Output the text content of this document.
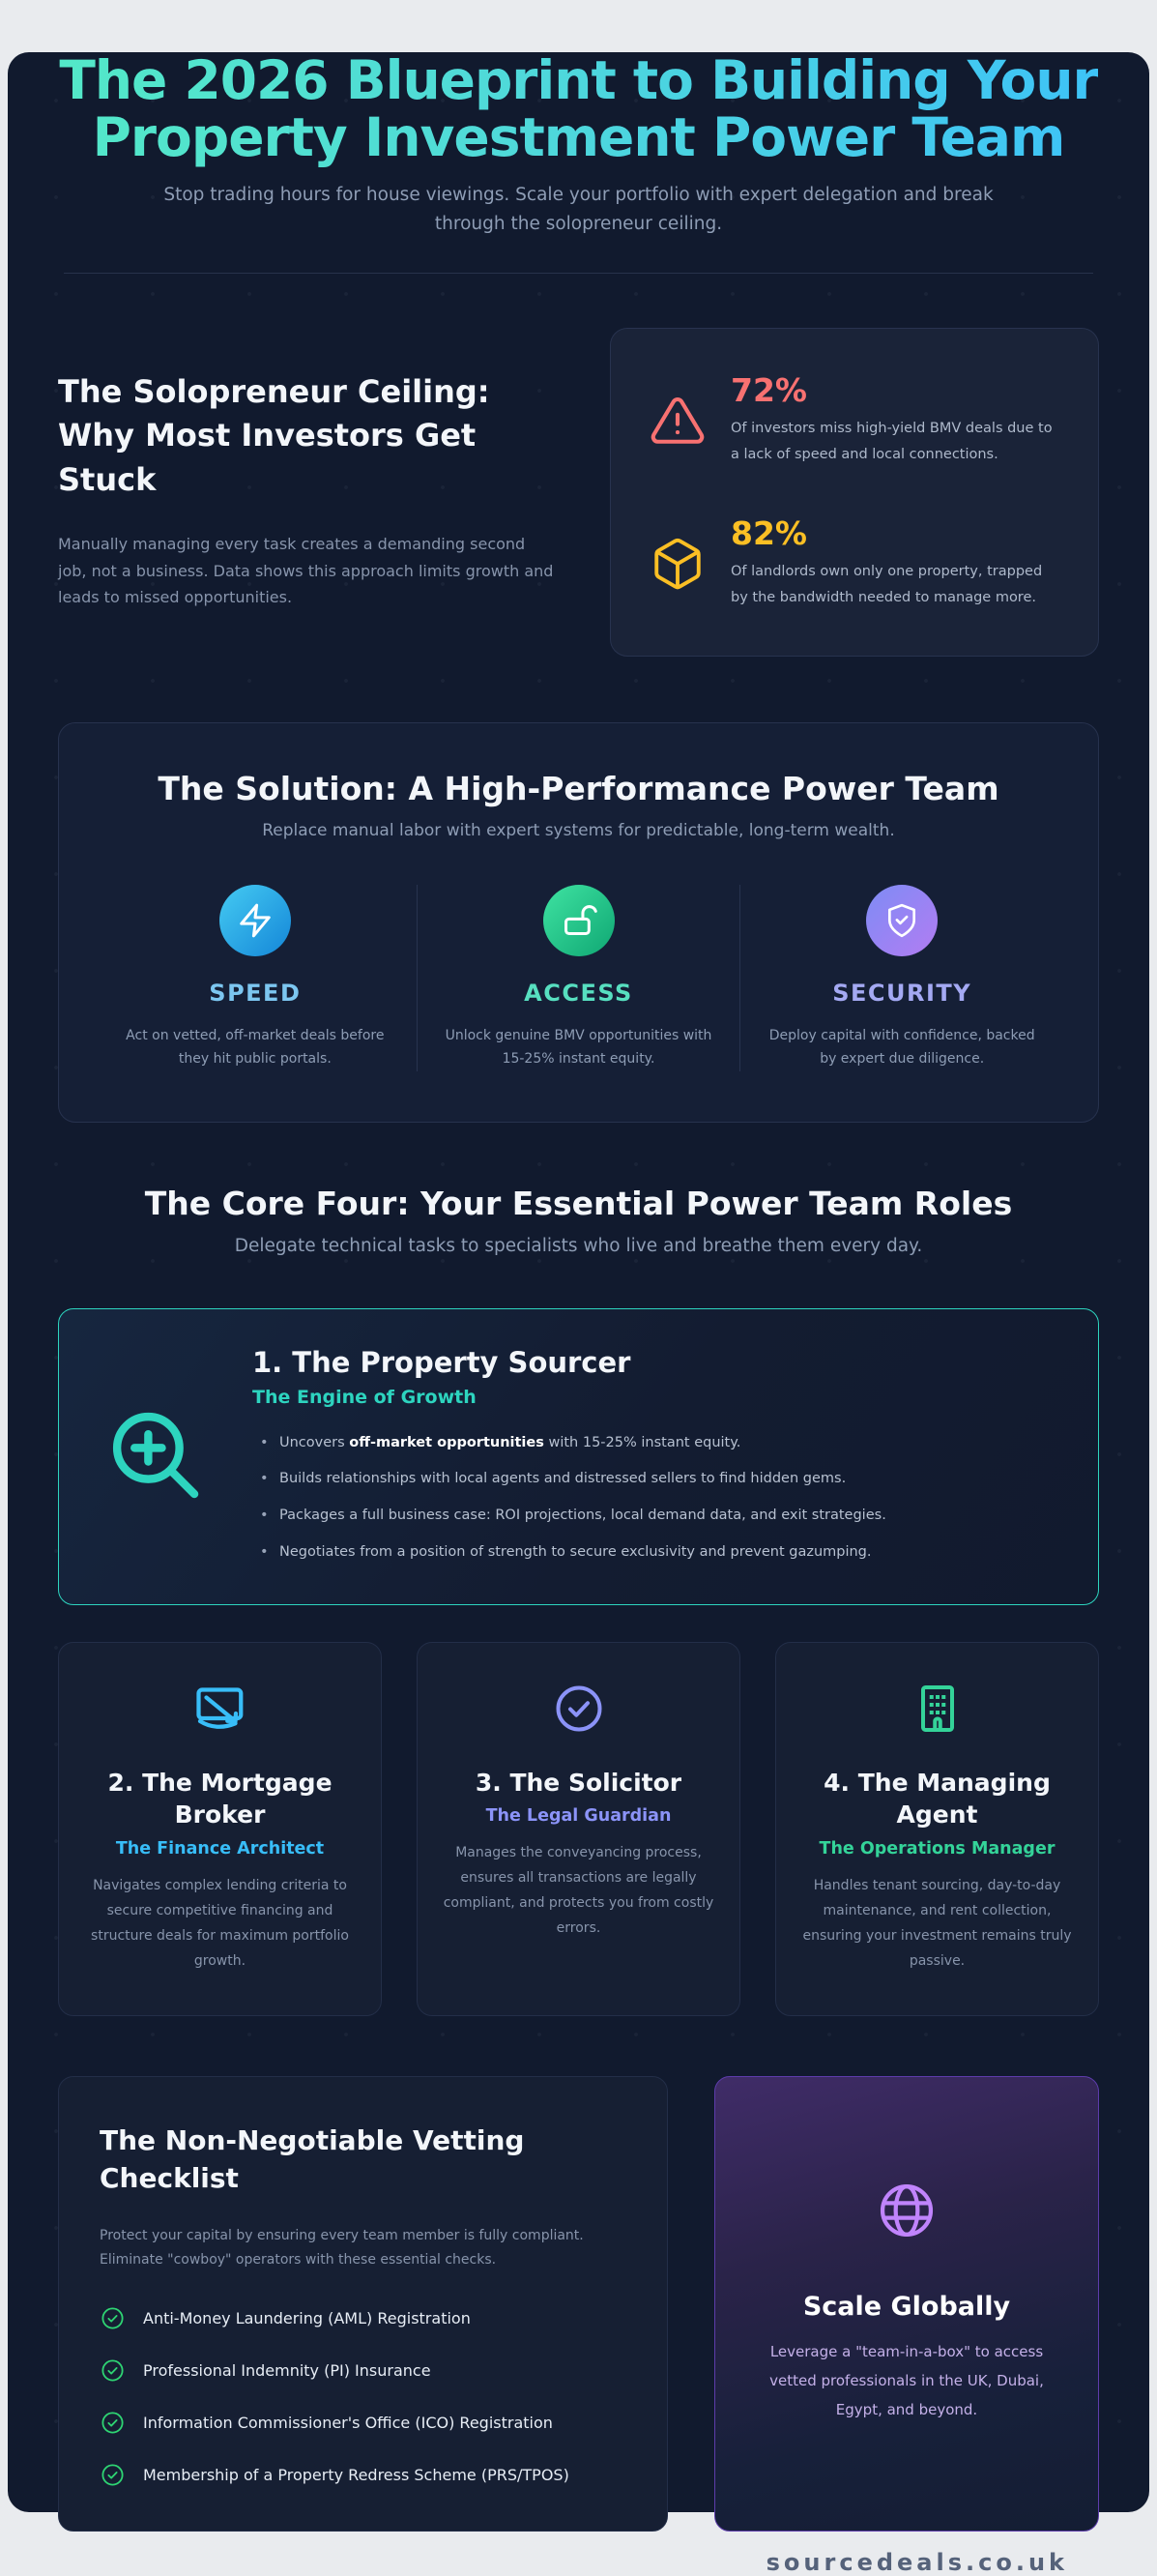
The 2026 Blueprint to Building Your Property Investment Power Team

Stop trading hours for house viewings. Scale your portfolio with expert delegation and break through the solopreneur ceiling.

The Solopreneur Ceiling: Why Most Investors Get Stuck

Manually managing every task creates a demanding second job, not a business. Data shows this approach limits growth and leads to missed opportunities.

72%

Of investors miss high-yield BMV deals due to a lack of speed and local connections.

82%

Of landlords own only one property, trapped by the bandwidth needed to manage more.

The Solution: A High-Performance Power Team

Replace manual labor with expert systems for predictable, long-term wealth.

SPEED

Act on vetted, off-market deals before they hit public portals.

ACCESS

Unlock genuine BMV opportunities with 15-25% instant equity.

SECURITY

Deploy capital with confidence, backed by expert due diligence.

The Core Four: Your Essential Power Team Roles

Delegate technical tasks to specialists who live and breathe them every day.

1. The Property Sourcer
The Engine of Growth
• Uncovers off-market opportunities with 15-25% instant equity.
• Builds relationships with local agents and distressed sellers to find hidden gems.
• Packages a full business case: ROI projections, local demand data, and exit strategies.
• Negotiates from a position of strength to secure exclusivity and prevent gazumping.
2. The Mortgage Broker
The Finance Architect

Navigates complex lending criteria to secure competitive financing and structure deals for maximum portfolio growth.

3. The Solicitor
The Legal Guardian

Manages the conveyancing process, ensures all transactions are legally compliant, and protects you from costly errors.

4. The Managing Agent
The Operations Manager

Handles tenant sourcing, day-to-day maintenance, and rent collection, ensuring your investment remains truly passive.

The Non-Negotiable Vetting Checklist

Protect your capital by ensuring every team member is fully compliant. Eliminate "cowboy" operators with these essential checks.

Anti-Money Laundering (AML) Registration
Professional Indemnity (PI) Insurance
Information Commissioner's Office (ICO) Registration
Membership of a Property Redress Scheme (PRS/TPOS)
Scale Globally

Leverage a "team-in-a-box" to access vetted professionals in the UK, Dubai, Egypt, and beyond.

sourcedeals.co.uk
